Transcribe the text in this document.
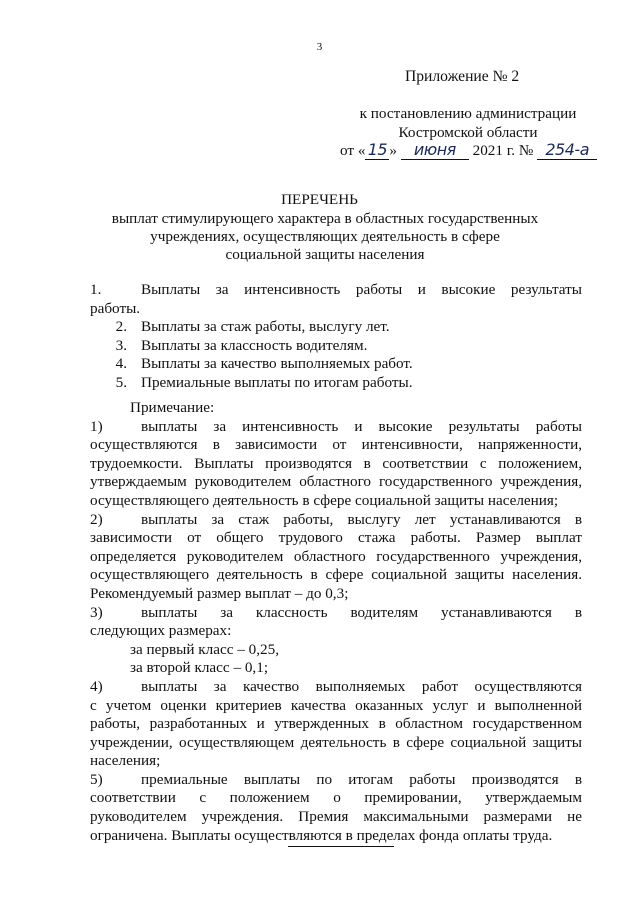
3
Приложение № 2
к постановлению администрации
Костромской области
от « 15 » июня 2021 г. № 254-а
ПЕРЕЧЕНЬ
выплат стимулирующего характера в областных государственных
учреждениях, осуществляющих деятельность в сфере
социальной защиты населения
1.	Выплаты за интенсивность работы и высокие результаты
работы.
2. Выплаты за стаж работы, выслугу лет.
3. Выплаты за классность водителям.
4. Выплаты за качество выполняемых работ.
5. Премиальные выплаты по итогам работы.
Примечание:
1)	выплаты за интенсивность и высокие результаты работы
осуществляются в зависимости от интенсивности, напряженности,
трудоемкости. Выплаты производятся в соответствии с положением,
утверждаемым руководителем областного государственного учреждения,
осуществляющего деятельность в сфере социальной защиты населения;
2)	выплаты за стаж работы, выслугу лет устанавливаются в
зависимости от общего трудового стажа работы. Размер выплат
определяется руководителем областного государственного учреждения,
осуществляющего деятельность в сфере социальной защиты населения.
Рекомендуемый размер выплат – до 0,3;
3)	выплаты за классность водителям устанавливаются в
следующих размерах:
за первый класс – 0,25,
за второй класс – 0,1;
4)	выплаты за качество выполняемых работ осуществляются
с учетом оценки критериев качества оказанных услуг и выполненной
работы, разработанных и утвержденных в областном государственном
учреждении, осуществляющем деятельность в сфере социальной защиты
населения;
5)	премиальные выплаты по итогам работы производятся в
соответствии с положением о премировании, утверждаемым
руководителем учреждения. Премия максимальными размерами не
ограничена. Выплаты осуществляются в пределах фонда оплаты труда.
